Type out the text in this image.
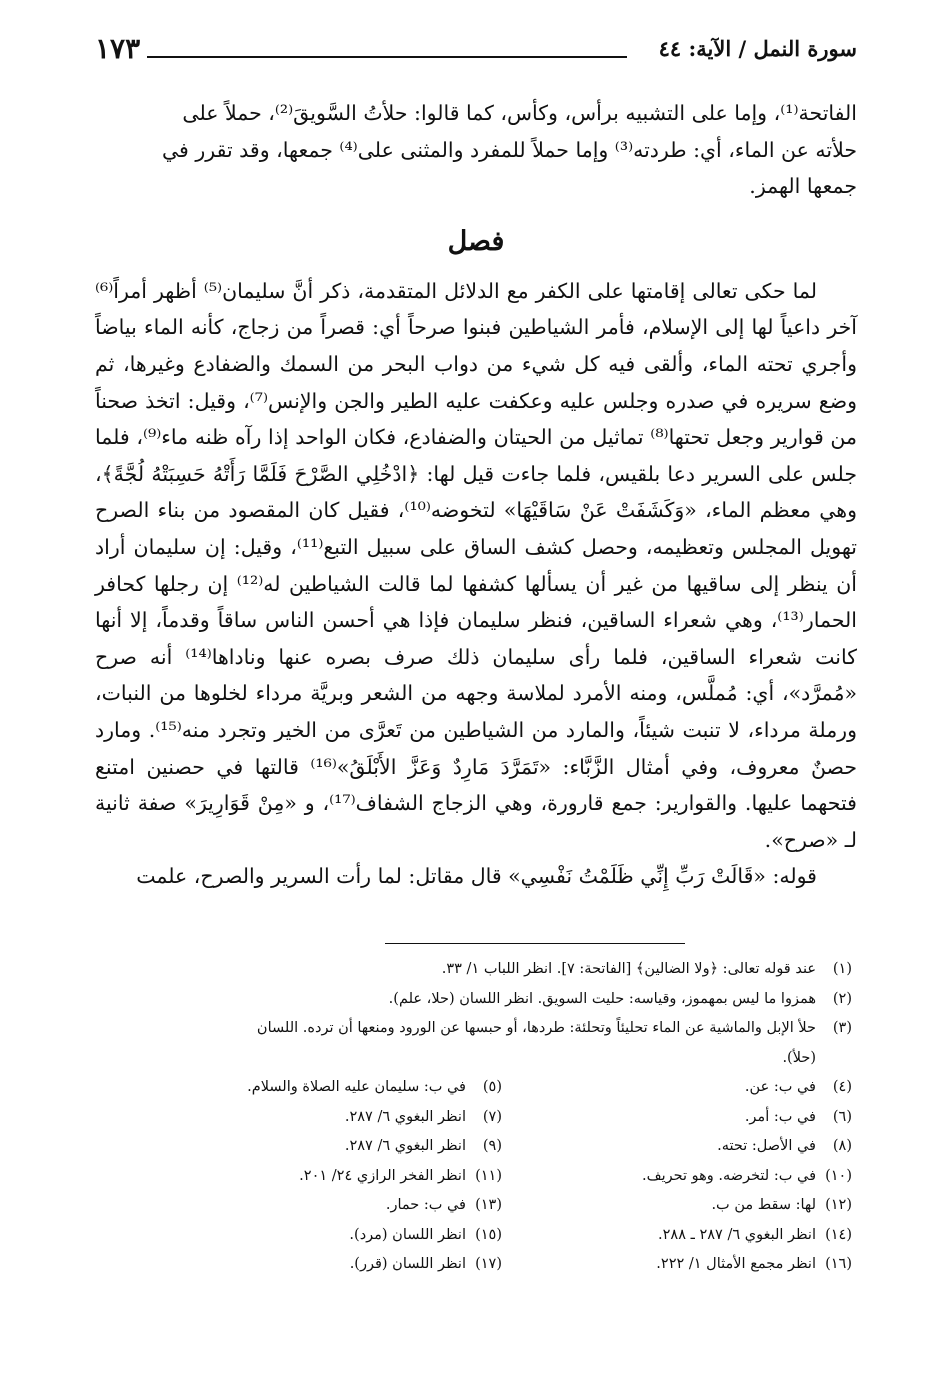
سورة النمل / الآية: ٤٤
١٧٣

الفاتحة⁽¹⁾، وإما على التشبيه برأس، وكأس، كما قالوا: حلأتُ السَّويقَ⁽²⁾، حملاً على

حلأته عن الماء، أي: طردته⁽³⁾ وإما حملاً للمفرد والمثنى على⁽⁴⁾ جمعها، وقد تقرر في

جمعها الهمز.

فصل

لما حكى تعالى إقامتها على الكفر مع الدلائل المتقدمة، ذكر أنَّ سليمان⁽⁵⁾ أظهر أمراً⁽⁶⁾ آخر داعياً لها إلى الإسلام، فأمر الشياطين فبنوا صرحاً أي: قصراً من زجاج، كأنه الماء بياضاً وأجري تحته الماء، وألقى فيه كل شيء من دواب البحر من السمك والضفادع وغيرها، ثم وضع سريره في صدره وجلس عليه وعكفت عليه الطير والجن والإنس⁽⁷⁾، وقيل: اتخذ صحناً من قوارير وجعل تحتها⁽⁸⁾ تماثيل من الحيتان والضفادع، فكان الواحد إذا رآه ظنه ماء⁽⁹⁾، فلما جلس على السرير دعا بلقيس، فلما جاءت قيل لها: ﴿ادْخُلِي الصَّرْحَ فَلَمَّا رَأَتْهُ حَسِبَتْهُ لُجَّةً﴾، وهي معظم الماء، «وَكَشَفَتْ عَنْ سَاقَيْهَا» لتخوضه⁽¹⁰⁾، فقيل كان المقصود من بناء الصرح تهويل المجلس وتعظيمه، وحصل كشف الساق على سبيل التبع⁽¹¹⁾، وقيل: إن سليمان أراد أن ينظر إلى ساقيها من غير أن يسألها كشفها لما قالت الشياطين له⁽¹²⁾ إن رجلها كحافر الحمار⁽¹³⁾، وهي شعراء الساقين، فنظر سليمان فإذا هي أحسن الناس ساقاً وقدماً، إلا أنها كانت شعراء الساقين، فلما رأى سليمان ذلك صرف بصره عنها وناداها⁽¹⁴⁾ أنه صرح «مُمرَّد»، أي: مُملَّس، ومنه الأمرد لملاسة وجهه من الشعر وبريَّة مرداء لخلوها من النبات، ورملة مرداء، لا تنبت شيئاً، والمارد من الشياطين من تَعرَّى من الخير وتجرد منه⁽¹⁵⁾. ومارد حصنٌ معروف، وفي أمثال الزَّبَّاء: «تَمَرَّدَ مَارِدٌ وَعَزَّ الأَبْلَقُ»⁽¹⁶⁾ قالتها في حصنين امتنع فتحهما عليها. والقوارير: جمع قارورة، وهي الزجاج الشفاف⁽¹⁷⁾، و «مِنْ قَوَارِيرَ» صفة ثانية لـ «صرح».

قوله: «قَالَتْ رَبِّ إِنِّي ظَلَمْتُ نَفْسِي» قال مقاتل: لما رأت السرير والصرح، علمت

(١)عند قوله تعالى: ﴿ولا الضالين﴾ [الفاتحة: ٧]. انظر اللباب ١/ ٣٣.

(٢)همزوا ما ليس بمهموز، وقياسه: حليت السويق. انظر اللسان (حلا، علم).

(٣)حلأ الإبل والماشية عن الماء تحليئاً وتحلئة: طردها، أو حبسها عن الورود ومنعها أن ترده. اللسان

(حلأ).

(٤)في ب: عن.

(٦)في ب: أمر.

(٨)في الأصل: تحته.

(١٠)في ب: لتخرضه. وهو تحريف.

(١٢)لها: سقط من ب.

(١٤)انظر البغوي ٦/ ٢٨٧ ـ ٢٨٨.

(١٦)انظر مجمع الأمثال ١/ ٢٢٢.

(٥)في ب: سليمان عليه الصلاة والسلام.

(٧)انظر البغوي ٦/ ٢٨٧.

(٩)انظر البغوي ٦/ ٢٨٧.

(١١)انظر الفخر الرازي ٢٤/ ٢٠١.

(١٣)في ب: حمار.

(١٥)انظر اللسان (مرد).

(١٧)انظر اللسان (قرر).
